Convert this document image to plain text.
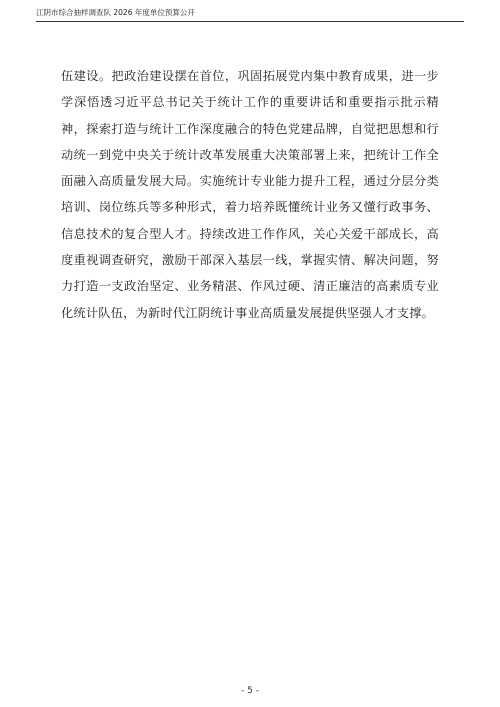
江阴市综合抽样调查队 2026 年度单位预算公开

伍建设。把政治建设摆在首位，巩固拓展党内集中教育成果，进一步学深悟透习近平总书记关于统计工作的重要讲话和重要指示批示精神，探索打造与统计工作深度融合的特色党建品牌，自觉把思想和行动统一到党中央关于统计改革发展重大决策部署上来，把统计工作全面融入高质量发展大局。实施统计专业能力提升工程，通过分层分类培训、岗位练兵等多种形式，着力培养既懂统计业务又懂行政事务、信息技术的复合型人才。持续改进工作作风，关心关爱干部成长，高度重视调查研究，激励干部深入基层一线，掌握实情、解决问题，努力打造一支政治坚定、业务精湛、作风过硬、清正廉洁的高素质专业化统计队伍，为新时代江阴统计事业高质量发展提供坚强人才支撑。

- 5 -
